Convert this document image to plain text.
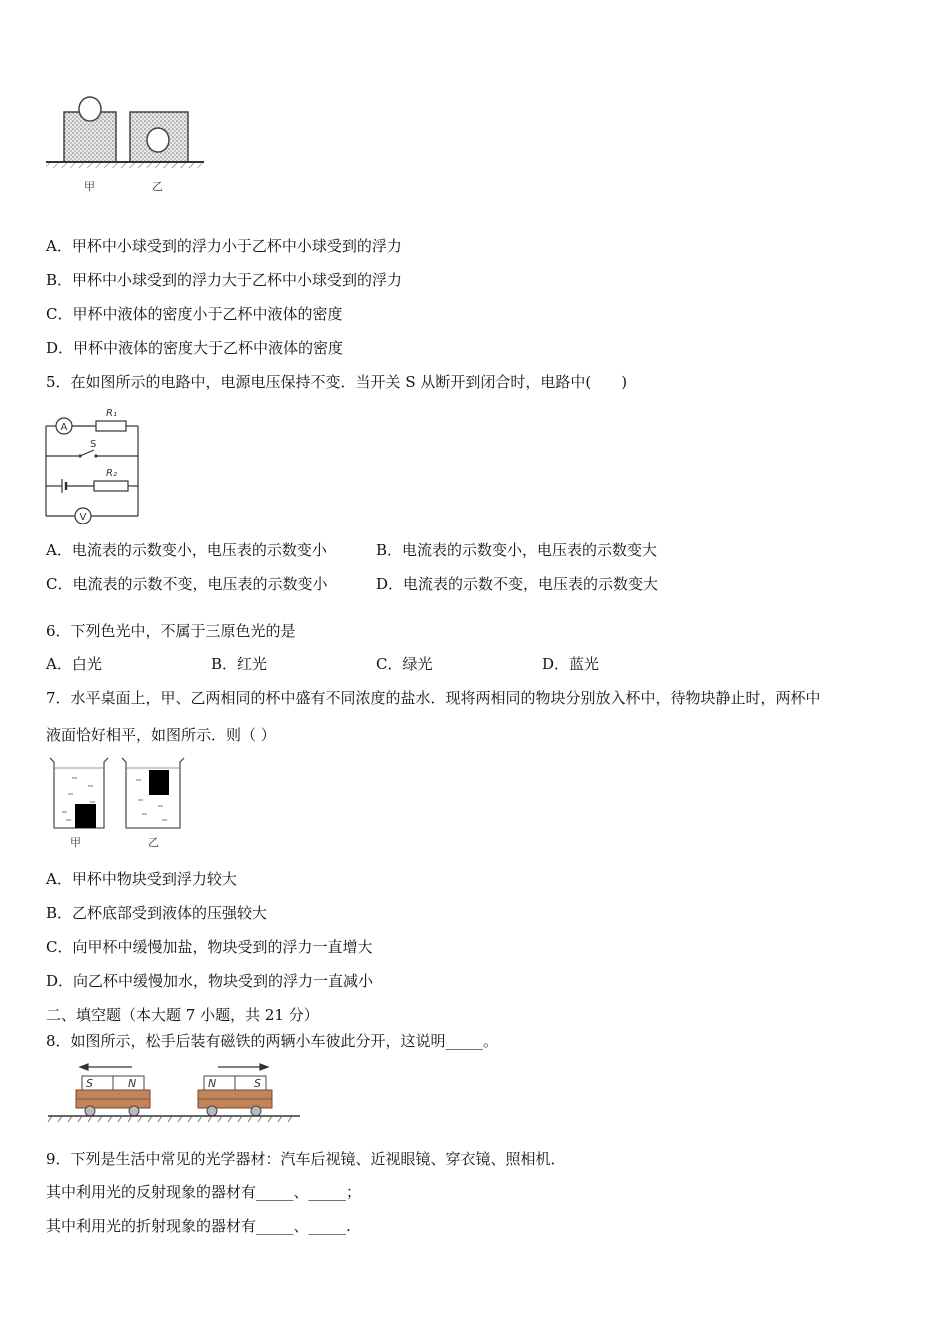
甲	乙
A．甲杯中小球受到的浮力小于乙杯中小球受到的浮力
B．甲杯中小球受到的浮力大于乙杯中小球受到的浮力
C．甲杯中液体的密度小于乙杯中液体的密度
D．甲杯中液体的密度大于乙杯中液体的密度
5．在如图所示的电路中，电源电压保持不变．当开关 S 从断开到闭合时，电路中(　　)
A
V
R₁
S
R₂
A．电流表的示数变小，电压表的示数变小	B．电流表的示数变小，电压表的示数变大
C．电流表的示数不变，电压表的示数变小	D．电流表的示数不变，电压表的示数变大
6．下列色光中，不属于三原色光的是
A．白光	B．红光	C．绿光	D．蓝光
7．水平桌面上，甲、乙两相同的杯中盛有不同浓度的盐水．现将两相同的物块分别放入杯中，待物块静止时，两杯中
液面恰好相平，如图所示．则（ ）
甲	乙
A．甲杯中物块受到浮力较大
B．乙杯底部受到液体的压强较大
C．向甲杯中缓慢加盐，物块受到的浮力一直增大
D．向乙杯中缓慢加水，物块受到的浮力一直减小
二、填空题（本大题 7 小题，共 21 分）
8．如图所示，松手后装有磁铁的两辆小车彼此分开，这说明_____。
S	N	N	S
9．下列是生活中常见的光学器材：汽车后视镜、近视眼镜、穿衣镜、照相机．
其中利用光的反射现象的器材有_____、_____；
其中利用光的折射现象的器材有_____、_____.
